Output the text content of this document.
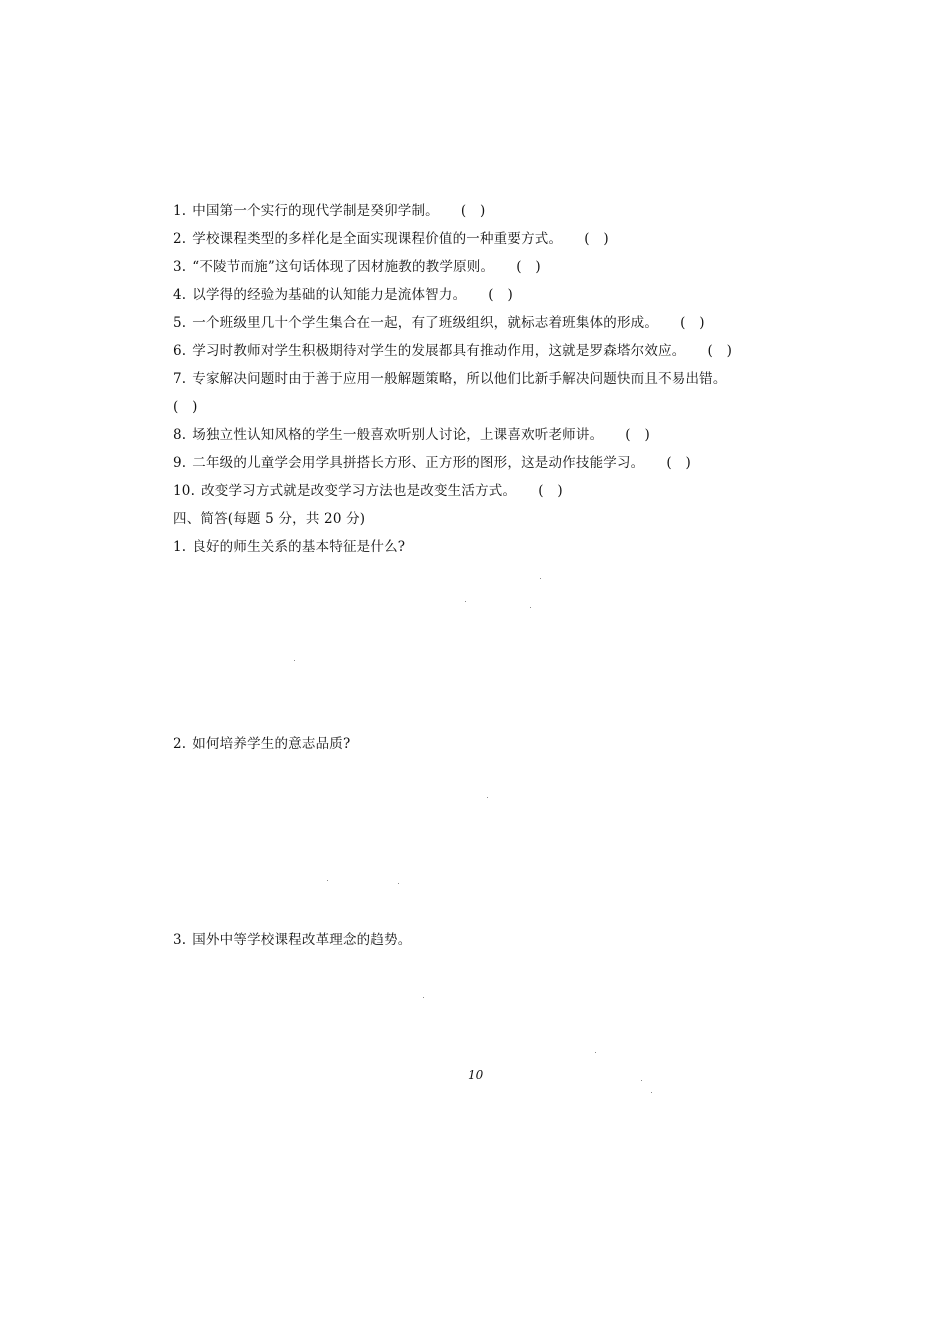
1. 中国第一个实行的现代学制是癸卯学制。 (　)
2. 学校课程类型的多样化是全面实现课程价值的一种重要方式。 (　)
3. “不陵节而施”这句话体现了因材施教的教学原则。 (　)
4. 以学得的经验为基础的认知能力是流体智力。 (　)
5. 一个班级里几十个学生集合在一起，有了班级组织，就标志着班集体的形成。 (　)
6. 学习时教师对学生积极期待对学生的发展都具有推动作用，这就是罗森塔尔效应。 (　)
7. 专家解决问题时由于善于应用一般解题策略，所以他们比新手解决问题快而且不易出错。
(　)
8. 场独立性认知风格的学生一般喜欢听别人讨论，上课喜欢听老师讲。 (　)
9. 二年级的儿童学会用学具拼搭长方形、正方形的图形，这是动作技能学习。 (　)
10. 改变学习方式就是改变学习方法也是改变生活方式。 (　)
四、简答(每题 5 分，共 20 分)
1. 良好的师生关系的基本特征是什么?
2. 如何培养学生的意志品质?
3. 国外中等学校课程改革理念的趋势。
10
